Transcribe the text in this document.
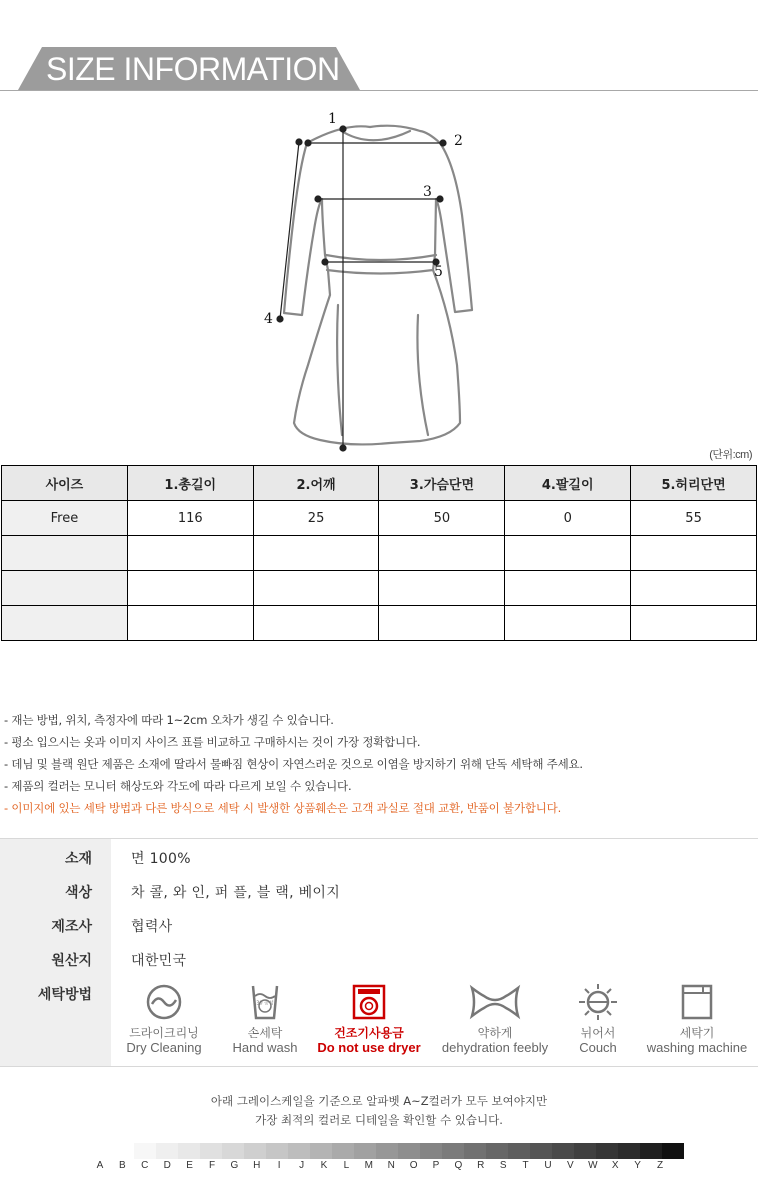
SIZE INFORMATION
1
2
3
4
5
(단위:cm)
사이즈	1.총길이	2.어깨	3.가슴단면	4.팔길이	5.허리단면
Free	116	25	50	0	55

- 재는 방법, 위치, 측정자에 따라 1~2cm 오차가 생길 수 있습니다.
- 평소 입으시는 옷과 이미지 사이즈 표를 비교하고 구매하시는 것이 가장 정확합니다.
- 데님 및 블랙 원단 제품은 소재에 딸라서 물빠짐 현상이 자연스러운 것으로 이염을 방지하기 위해 단독 세탁해 주세요.
- 제품의 컬러는 모니터 해상도와 각도에 따라 다르게 보일 수 있습니다.
- 이미지에 있는 세탁 방법과 다른 방식으로 세탁 시 발생한 상품훼손은 고객 과실로 절대 교환, 반품이 불가합니다.
소재	면 100%
색상	차 콜, 와 인, 퍼 플, 블 랙, 베이지
제조사	협력사
원산지	대한민국
세탁방법
드라이크리닝
Dry Cleaning
30 중성
손세탁
Hand wash
건조기사용금
Do not use dryer
약하게
dehydration feebly
뉘어서
Couch
세탁기
washing machine
아래 그레이스케일을 기준으로 알파벳 A~Z컬러가 모두 보여야지만
가장 최적의 컬러로 디테일을 확인할 수 있습니다.
A B C D E F G H	I	J	K	L	M N O P Q R S T U V W X Y Z
